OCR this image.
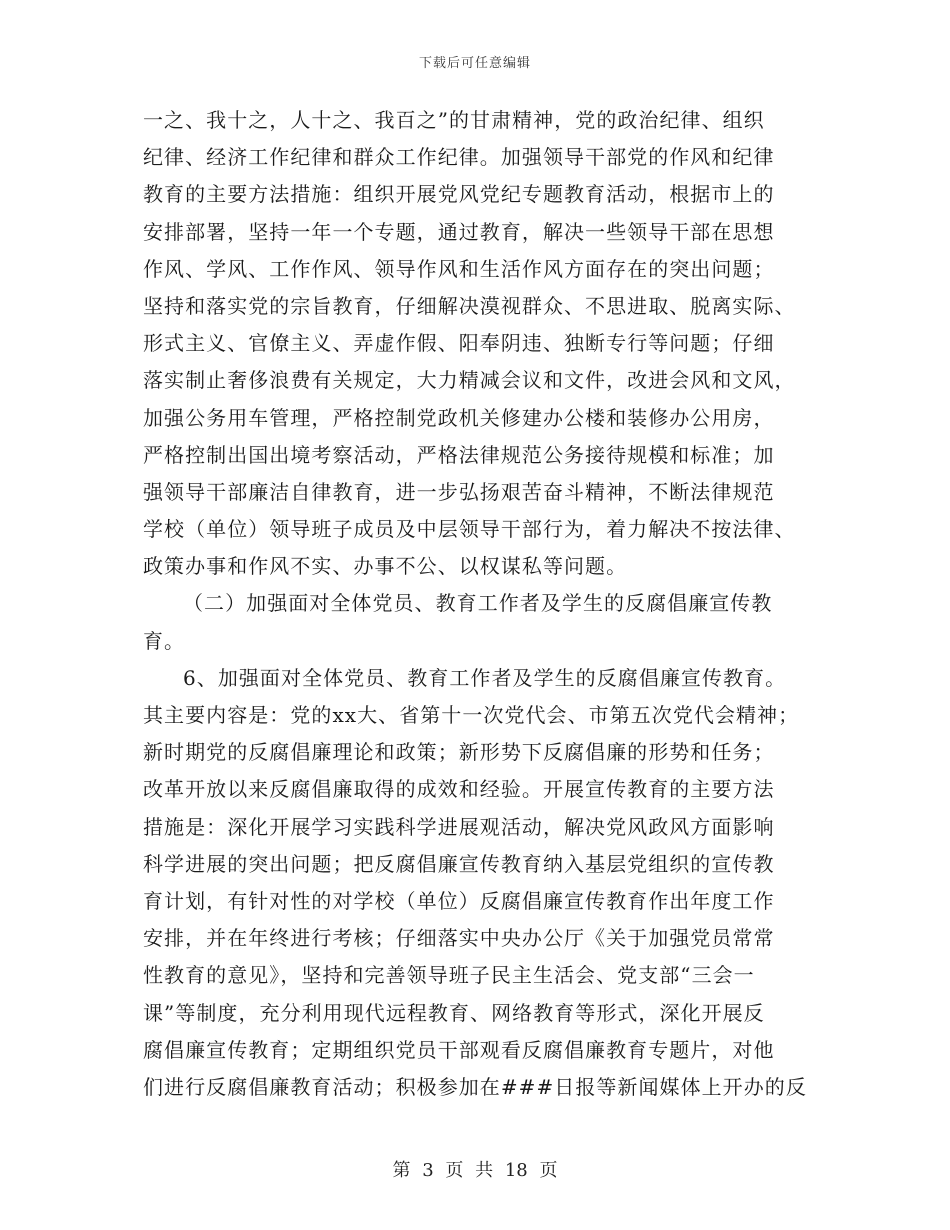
下载后可任意编辑
一之、我十之，人十之、我百之”的甘肃精神，党的政治纪律、组织
纪律、经济工作纪律和群众工作纪律。加强领导干部党的作风和纪律
教育的主要方法措施：组织开展党风党纪专题教育活动，根据市上的
安排部署，坚持一年一个专题，通过教育，解决一些领导干部在思想
作风、学风、工作作风、领导作风和生活作风方面存在的突出问题；
坚持和落实党的宗旨教育，仔细解决漠视群众、不思进取、脱离实际、
形式主义、官僚主义、弄虚作假、阳奉阴违、独断专行等问题；仔细
落实制止奢侈浪费有关规定，大力精减会议和文件，改进会风和文风，
加强公务用车管理，严格控制党政机关修建办公楼和装修办公用房，
严格控制出国出境考察活动，严格法律规范公务接待规模和标准；加
强领导干部廉洁自律教育，进一步弘扬艰苦奋斗精神，不断法律规范
学校（单位）领导班子成员及中层领导干部行为，着力解决不按法律、
政策办事和作风不实、办事不公、以权谋私等问题。
（二）加强面对全体党员、教育工作者及学生的反腐倡廉宣传教
育。
6、加强面对全体党员、教育工作者及学生的反腐倡廉宣传教育。
其主要内容是：党的xx大、省第十一次党代会、市第五次党代会精神；
新时期党的反腐倡廉理论和政策；新形势下反腐倡廉的形势和任务；
改革开放以来反腐倡廉取得的成效和经验。开展宣传教育的主要方法
措施是：深化开展学习实践科学进展观活动，解决党风政风方面影响
科学进展的突出问题；把反腐倡廉宣传教育纳入基层党组织的宣传教
育计划，有针对性的对学校（单位）反腐倡廉宣传教育作出年度工作
安排，并在年终进行考核；仔细落实中央办公厅《关于加强党员常常
性教育的意见》，坚持和完善领导班子民主生活会、党支部“三会一
课”等制度，充分利用现代远程教育、网络教育等形式，深化开展反
腐倡廉宣传教育；定期组织党员干部观看反腐倡廉教育专题片，对他
们进行反腐倡廉教育活动；积极参加在###日报等新闻媒体上开办的反
第 3 页 共 18 页
